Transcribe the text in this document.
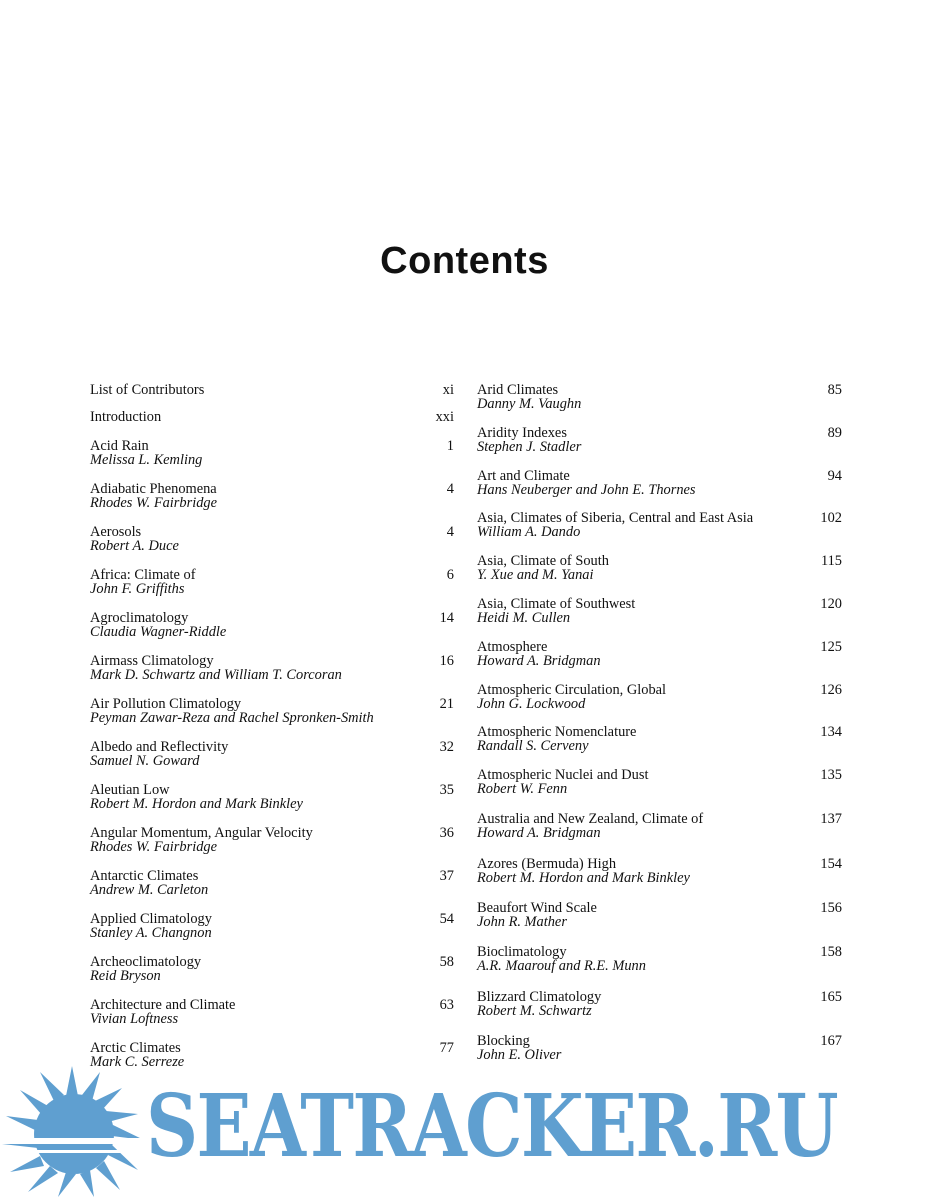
Contents
List of Contributors	xi
Introduction	xxi
Acid Rain
Melissa L. Kemling
1
Adiabatic Phenomena
Rhodes W. Fairbridge
4
Aerosols
Robert A. Duce
4
Africa: Climate of
John F. Griffiths
6
Agroclimatology
Claudia Wagner-Riddle
14
Airmass Climatology
Mark D. Schwartz and William T. Corcoran
16
Air Pollution Climatology
Peyman Zawar-Reza and Rachel Spronken-Smith
21
Albedo and Reflectivity
Samuel N. Goward
32
Aleutian Low
Robert M. Hordon and Mark Binkley
35
Angular Momentum, Angular Velocity
Rhodes W. Fairbridge
36
Antarctic Climates
Andrew M. Carleton
37
Applied Climatology
Stanley A. Changnon
54
Archeoclimatology
Reid Bryson
58
Architecture and Climate
Vivian Loftness
63
Arctic Climates
Mark C. Serreze
77
Arid Climates
Danny M. Vaughn
85
Aridity Indexes
Stephen J. Stadler
89
Art and Climate
Hans Neuberger and John E. Thornes
94
Asia, Climates of Siberia, Central and East Asia
William A. Dando
102
Asia, Climate of South
Y. Xue and M. Yanai
115
Asia, Climate of Southwest
Heidi M. Cullen
120
Atmosphere
Howard A. Bridgman
125
Atmospheric Circulation, Global
John G. Lockwood
126
Atmospheric Nomenclature
Randall S. Cerveny
134
Atmospheric Nuclei and Dust
Robert W. Fenn
135
Australia and New Zealand, Climate of
Howard A. Bridgman
137
Azores (Bermuda) High
Robert M. Hordon and Mark Binkley
154
Beaufort Wind Scale
John R. Mather
156
Bioclimatology
A.R. Maarouf and R.E. Munn
158
Blizzard Climatology
Robert M. Schwartz
165
Blocking
John E. Oliver
167
SEATRACKER.RU
